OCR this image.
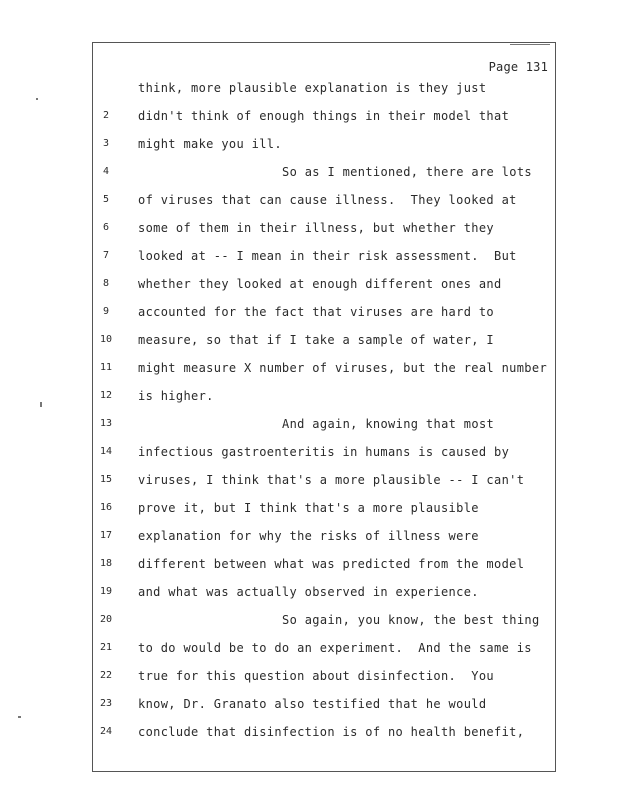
Page 131
think, more plausible explanation is they just
2	didn't think of enough things in their model that
3	might make you ill.
4	So as I mentioned, there are lots
5	of viruses that can cause illness.  They looked at
6	some of them in their illness, but whether they
7	looked at -- I mean in their risk assessment.  But
8	whether they looked at enough different ones and
9	accounted for the fact that viruses are hard to
10	measure, so that if I take a sample of water, I
11	might measure X number of viruses, but the real number
12	is higher.
13	And again, knowing that most
14	infectious gastroenteritis in humans is caused by
15	viruses, I think that's a more plausible -- I can't
16	prove it, but I think that's a more plausible
17	explanation for why the risks of illness were
18	different between what was predicted from the model
19	and what was actually observed in experience.
20	So again, you know, the best thing
21	to do would be to do an experiment.  And the same is
22	true for this question about disinfection.  You
23	know, Dr. Granato also testified that he would
24	conclude that disinfection is of no health benefit,
